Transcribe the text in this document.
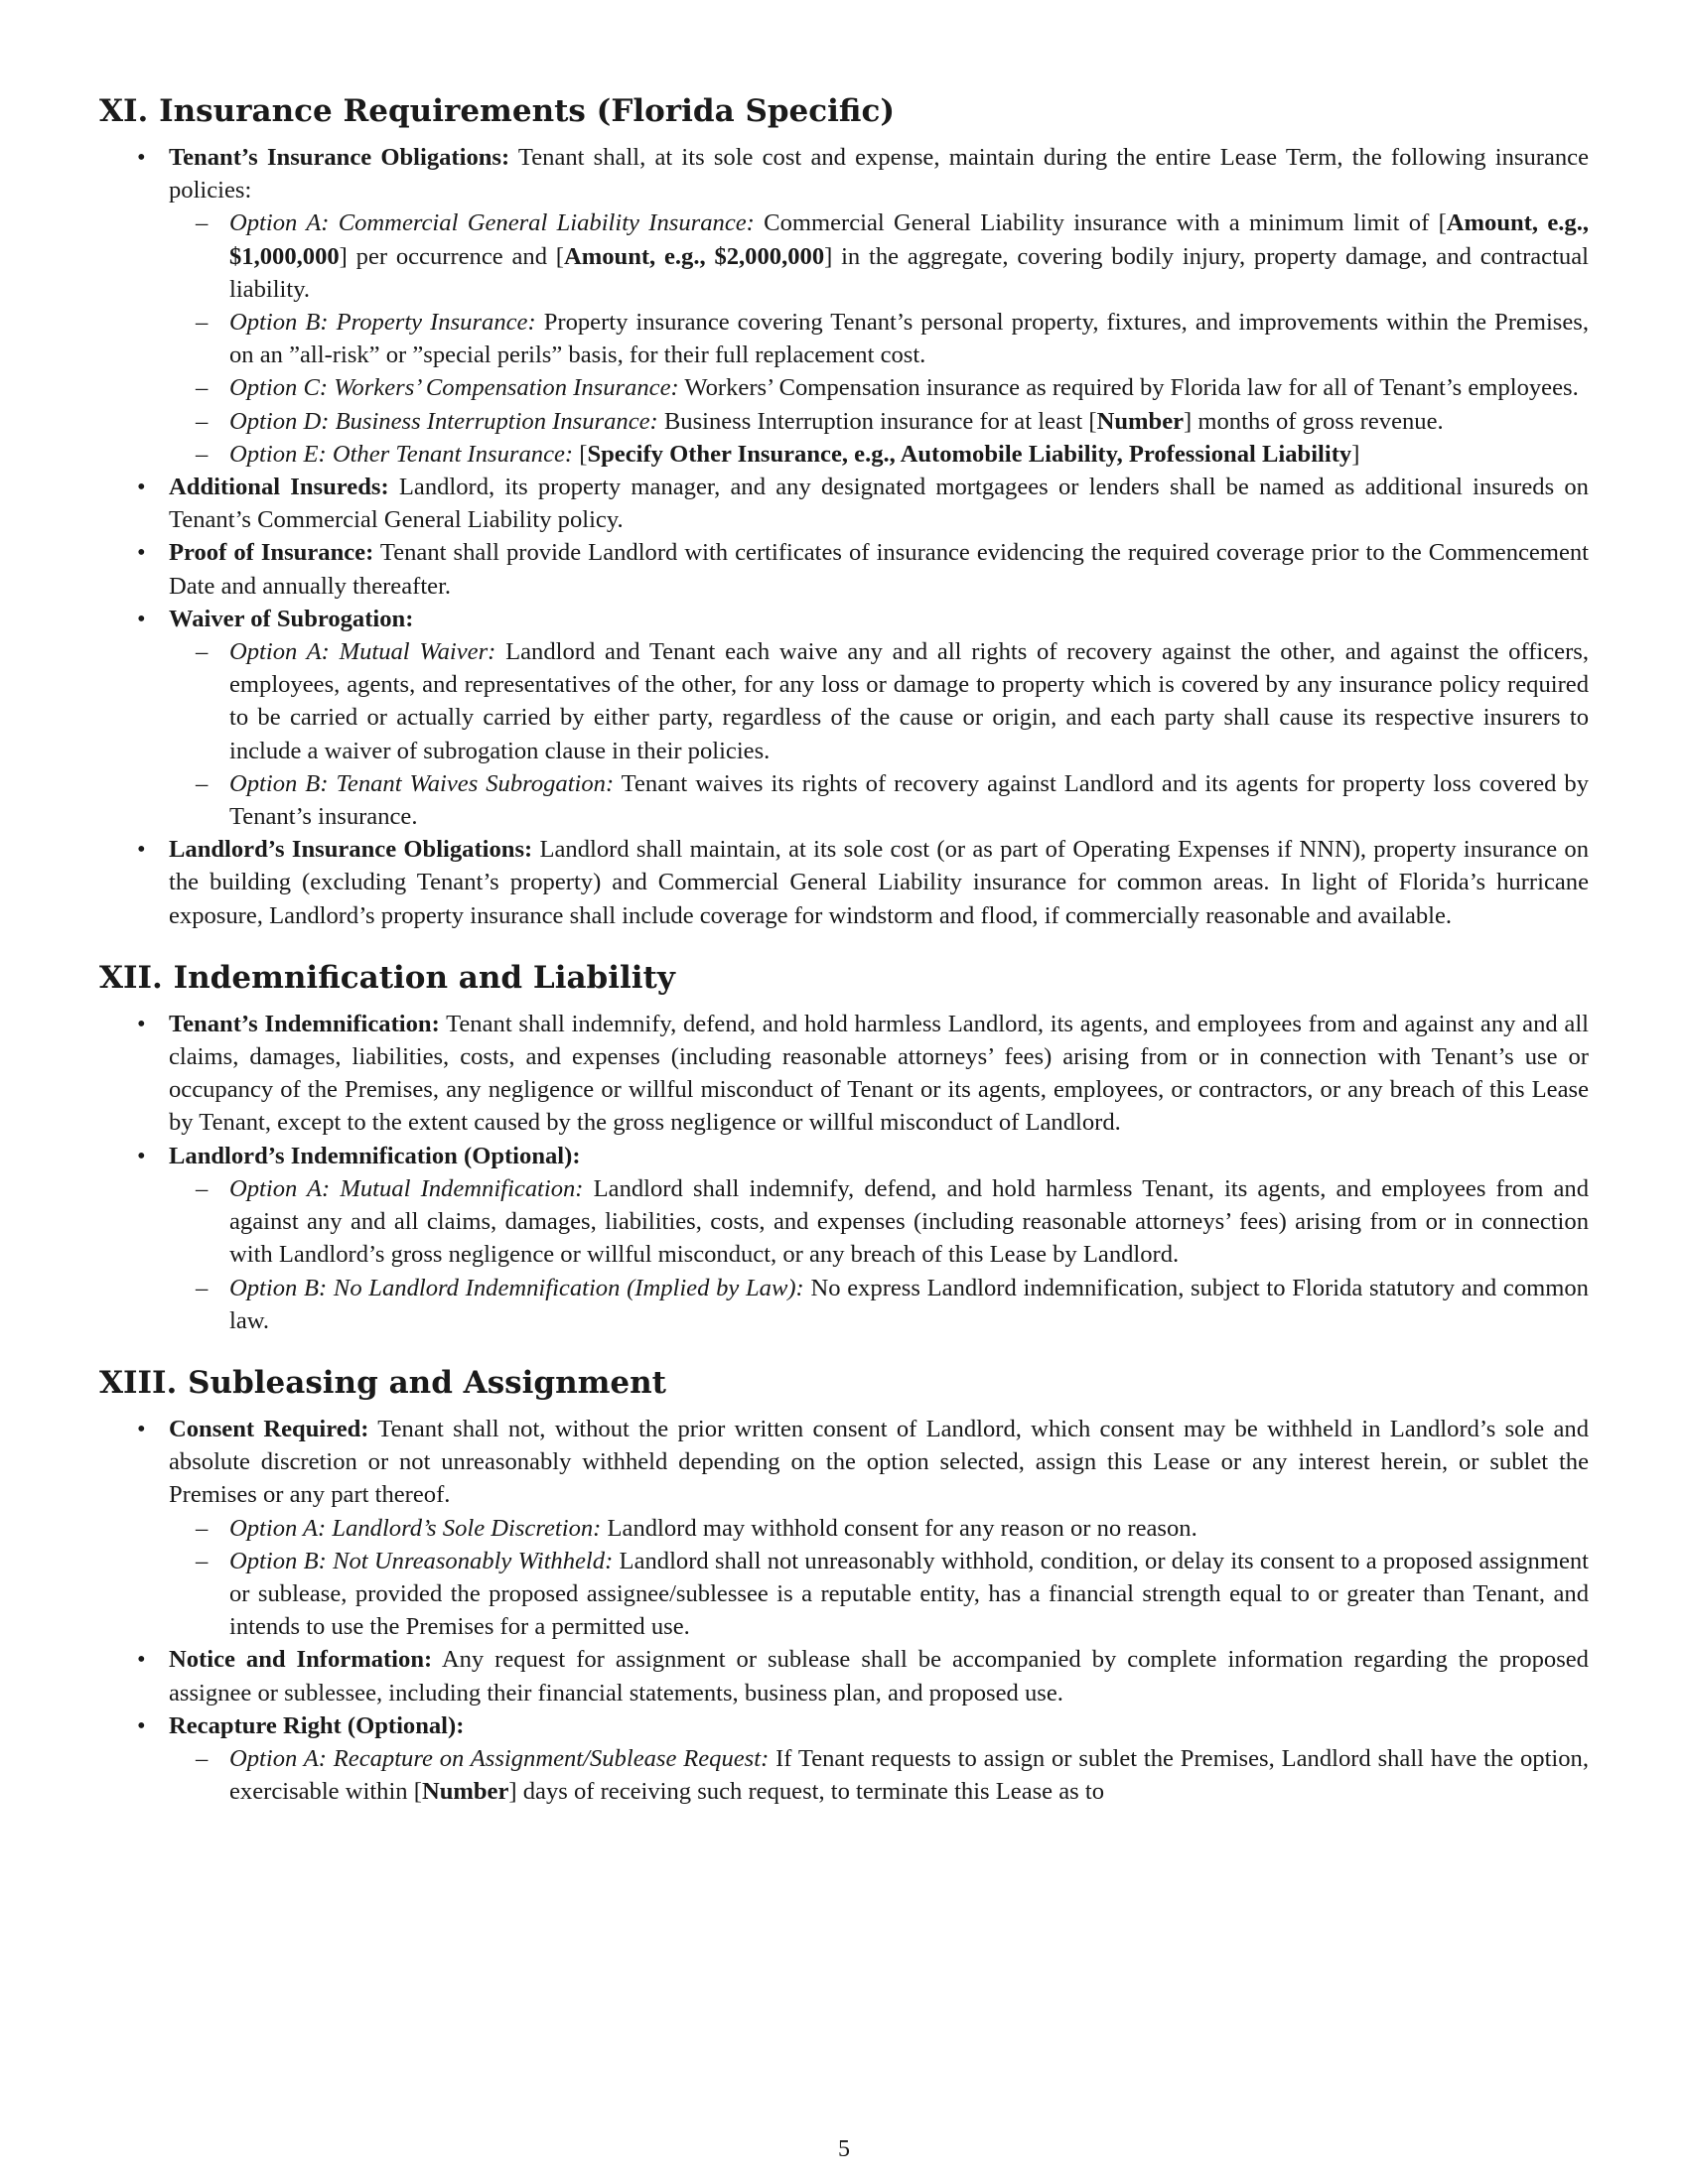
XI. Insurance Requirements (Florida Specific)
• Tenant’s Insurance Obligations: Tenant shall, at its sole cost and expense, maintain during the entire Lease Term, the following insurance policies:
– Option A: Commercial General Liability Insurance: Commercial General Liability insurance with a minimum limit of [Amount, e.g., $1,000,000] per occurrence and [Amount, e.g., $2,000,000] in the aggregate, covering bodily injury, property damage, and contractual liability.
– Option B: Property Insurance: Property insurance covering Tenant’s personal property, fixtures, and improvements within the Premises, on an ”all-risk” or ”special perils” basis, for their full replacement cost.
– Option C: Workers’ Compensation Insurance: Workers’ Compensation insurance as required by Florida law for all of Tenant’s employees.
– Option D: Business Interruption Insurance: Business Interruption insurance for at least [Number] months of gross revenue.
– Option E: Other Tenant Insurance: [Specify Other Insurance, e.g., Automobile Liability, Professional Liability]
• Additional Insureds: Landlord, its property manager, and any designated mortgagees or lenders shall be named as additional insureds on Tenant’s Commercial General Liability policy.
• Proof of Insurance: Tenant shall provide Landlord with certificates of insurance evidencing the required coverage prior to the Commencement Date and annually thereafter.
• Waiver of Subrogation:
– Option A: Mutual Waiver: Landlord and Tenant each waive any and all rights of recovery against the other, and against the officers, employees, agents, and representatives of the other, for any loss or damage to property which is covered by any insurance policy required to be carried or actually carried by either party, regardless of the cause or origin, and each party shall cause its respective insurers to include a waiver of subrogation clause in their policies.
– Option B: Tenant Waives Subrogation: Tenant waives its rights of recovery against Landlord and its agents for property loss covered by Tenant’s insurance.
• Landlord’s Insurance Obligations: Landlord shall maintain, at its sole cost (or as part of Operating Expenses if NNN), property insurance on the building (excluding Tenant’s property) and Commercial General Liability insurance for common areas. In light of Florida’s hurricane exposure, Landlord’s property insurance shall include coverage for windstorm and flood, if commercially reasonable and available.
XII. Indemnification and Liability
• Tenant’s Indemnification: Tenant shall indemnify, defend, and hold harmless Landlord, its agents, and employees from and against any and all claims, damages, liabilities, costs, and expenses (including reasonable attorneys’ fees) arising from or in connection with Tenant’s use or occupancy of the Premises, any negligence or willful misconduct of Tenant or its agents, employees, or contractors, or any breach of this Lease by Tenant, except to the extent caused by the gross negligence or willful misconduct of Landlord.
• Landlord’s Indemnification (Optional):
– Option A: Mutual Indemnification: Landlord shall indemnify, defend, and hold harmless Tenant, its agents, and employees from and against any and all claims, damages, liabilities, costs, and expenses (including reasonable attorneys’ fees) arising from or in connection with Landlord’s gross negligence or willful misconduct, or any breach of this Lease by Landlord.
– Option B: No Landlord Indemnification (Implied by Law): No express Landlord indemnification, subject to Florida statutory and common law.
XIII. Subleasing and Assignment
• Consent Required: Tenant shall not, without the prior written consent of Landlord, which consent may be withheld in Landlord’s sole and absolute discretion or not unreasonably withheld depending on the option selected, assign this Lease or any interest herein, or sublet the Premises or any part thereof.
– Option A: Landlord’s Sole Discretion: Landlord may withhold consent for any reason or no reason.
– Option B: Not Unreasonably Withheld: Landlord shall not unreasonably withhold, condition, or delay its consent to a proposed assignment or sublease, provided the proposed assignee/sublessee is a reputable entity, has a financial strength equal to or greater than Tenant, and intends to use the Premises for a permitted use.
• Notice and Information: Any request for assignment or sublease shall be accompanied by complete information regarding the proposed assignee or sublessee, including their financial statements, business plan, and proposed use.
• Recapture Right (Optional):
– Option A: Recapture on Assignment/Sublease Request: If Tenant requests to assign or sublet the Premises, Landlord shall have the option, exercisable within [Number] days of receiving such request, to terminate this Lease as to
5
